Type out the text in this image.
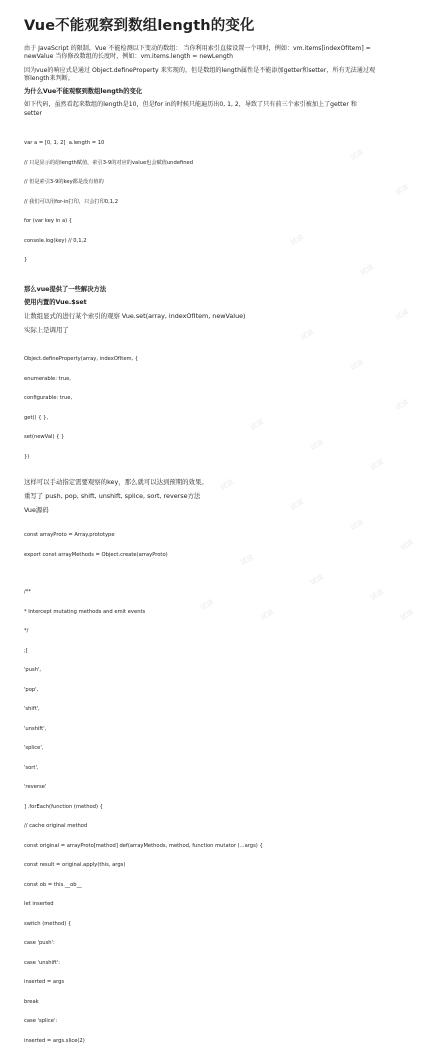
试读
试读
试读
试读
试读
试读
试读
试读
试读
试读
试读
试读
试读
试读
试读
试读
试读
试读
试读
试读
试读
Vue不能观察到数组length的变化
由于 JavaScript 的限制，Vue 不能检测以下变动的数组： 当你利用索引直接设置一个项时，例如：vm.items[indexOfItem] =
newValue 当你修改数组的长度时，例如：vm.items.length = newLength
因为vue的响应式是通过 Object.defineProperty 来实现的，但是数组的length属性是不能添加getter和setter，所有无法通过观
察length来判断。
为什么Vue不能观察到数组length的变化
如下代码，虽然看起来数组的length是10，但是for in的时候只能遍历出0, 1, 2，导致了只有前三个索引被加上了getter 和
setter

var a = [0, 1, 2]  a.length = 10

// 只是显示的给length赋值，索引3-9的对应的value也会赋值undefined

// 但是索引3-9的key都是没有值的

// 我们可以用for-in打印，只会打印0,1,2

for (var key in a) {

console.log(key) // 0,1,2

}

那么vue提供了一些解决方法
使用内置的Vue.$set
让数组显式的进行某个索引的观察 Vue.set(array, indexOfItem, newValue)
实际上是调用了

Object.defineProperty(array, indexOfItem, {

enumerable: true,

configurable: true,

get() { },

set(newVal) { }

})

这样可以手动指定需要观察的key，那么就可以达到预期的效果。
重写了 push, pop, shift, unshift, splice, sort, reverse方法
Vue源码

const arrayProto = Array.prototype

export const arrayMethods = Object.create(arrayProto)

/**

* Intercept mutating methods and emit events

*/

;[

'push',

'pop',

'shift',

'unshift',

'splice',

'sort',

'reverse'

] .forEach(function (method) {

// cache original method

const original = arrayProto[method] def(arrayMethods, method, function mutator (...args) {

const result = original.apply(this, args)

const ob = this.__ob__

let inserted

switch (method) {

case 'push':

case 'unshift':

inserted = args

break

case 'splice':

inserted = args.slice(2)
